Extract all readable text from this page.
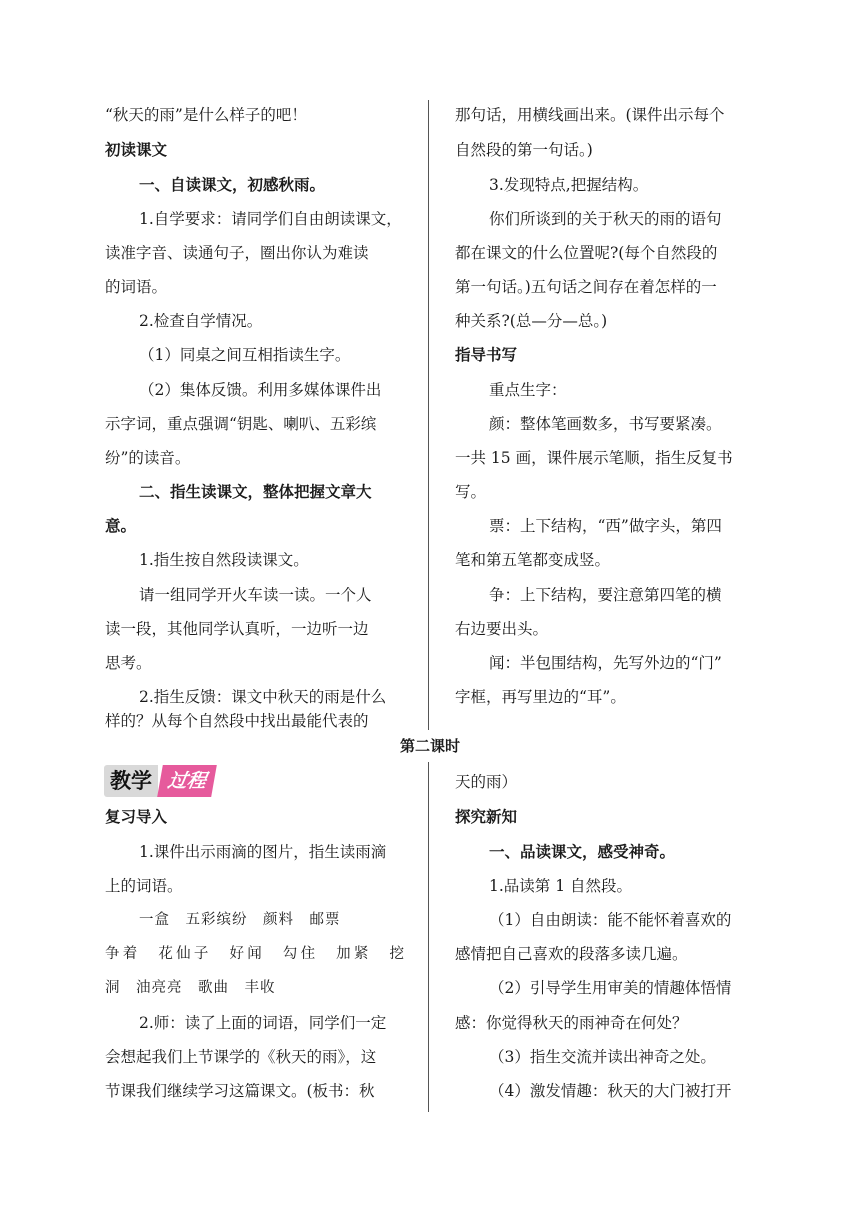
“秋天的雨”是什么样子的吧！
初读课文
一、自读课文，初感秋雨。
1.自学要求：请同学们自由朗读课文，
读准字音、读通句子，圈出你认为难读
的词语。
2.检查自学情况。
（1）同桌之间互相指读生字。
（2）集体反馈。利用多媒体课件出
示字词，重点强调“钥匙、喇叭、五彩缤
纷”的读音。
二、指生读课文，整体把握文章大
意。
1.指生按自然段读课文。
请一组同学开火车读一读。一个人
读一段，其他同学认真听，一边听一边
思考。
2.指生反馈：课文中秋天的雨是什么
样的？从每个自然段中找出最能代表的
那句话，用横线画出来。(课件出示每个
自然段的第一句话。)
3.发现特点,把握结构。
你们所谈到的关于秋天的雨的语句
都在课文的什么位置呢?(每个自然段的
第一句话。)五句话之间存在着怎样的一
种关系?(总—分—总。)
指导书写
重点生字：
颜：整体笔画数多，书写要紧凑。
一共 15 画，课件展示笔顺，指生反复书
写。
票：上下结构，“西”做字头，第四
笔和第五笔都变成竖。
争：上下结构，要注意第四笔的横
右边要出头。
闻：半包围结构，先写外边的“门”
字框，再写里边的“耳”。
第二课时
教学 过程
复习导入
1.课件出示雨滴的图片，指生读雨滴
上的词语。
一盒　五彩缤纷　颜料　邮票
争着　花仙子　好闻　勾住　加紧　挖
洞　油亮亮　歌曲　丰收
2.师：读了上面的词语，同学们一定
会想起我们上节课学的《秋天的雨》，这
节课我们继续学习这篇课文。(板书：秋
天的雨）
探究新知
一、品读课文，感受神奇。
1.品读第 1 自然段。
（1）自由朗读：能不能怀着喜欢的
感情把自己喜欢的段落多读几遍。
（2）引导学生用审美的情趣体悟情
感：你觉得秋天的雨神奇在何处？
（3）指生交流并读出神奇之处。
（4）激发情趣：秋天的大门被打开
